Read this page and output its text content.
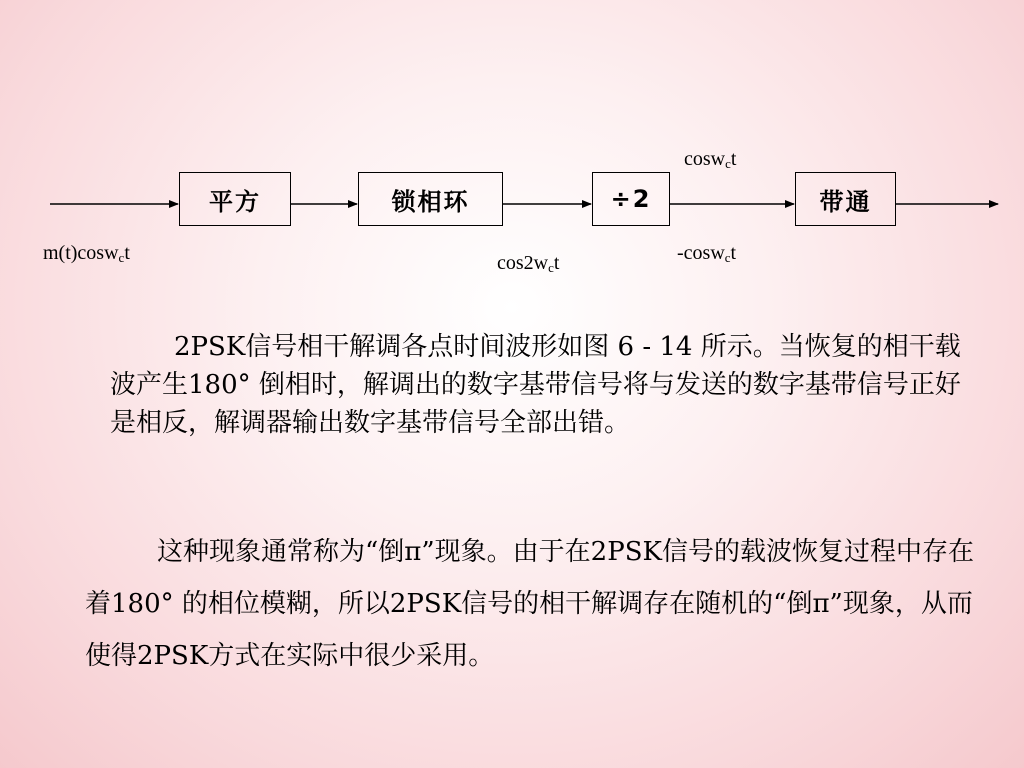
平方	锁相环	÷2	带通
m(t)cosw$_c$t	$\cos 2w_ct$
cosw$_c$t
-cosw$_c$t

2PSK信号相干解调各点时间波形如图 6 - 14 所示。当恢复的相干载波产生180° 倒相时，解调出的数字基带信号将与发送的数字基带信号正好是相反，解调器输出数字基带信号全部出错。

这种现象通常称为“倒π”现象。由于在2PSK信号的载波恢复过程中存在着180° 的相位模糊，所以2PSK信号的相干解调存在随机的“倒π”现象，从而使得2PSK方式在实际中很少采用。
